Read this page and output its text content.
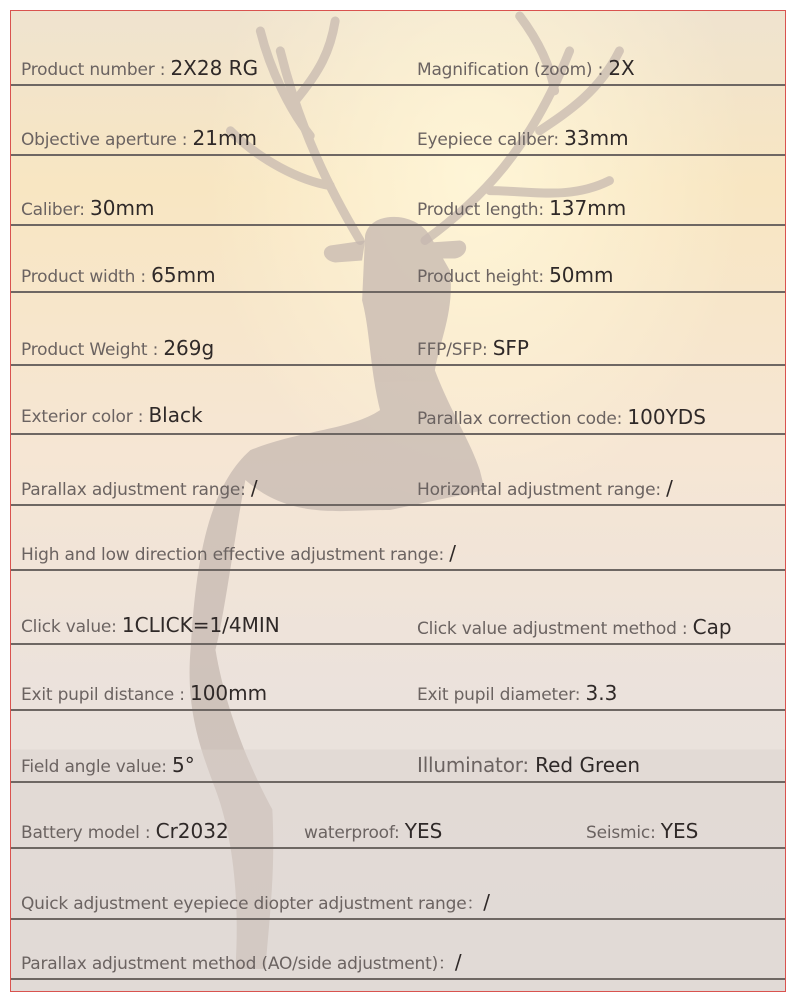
Product number : 2X28 RG	Magnification (zoom) : 2X
Objective aperture : 21mm	Eyepiece caliber: 33mm
Caliber: 30mm	Product length: 137mm
Product width : 65mm	Product height: 50mm
Product Weight : 269g	FFP/SFP: SFP
Exterior color : Black	Parallax correction code: 100YDS
Parallax adjustment range: /	Horizontal adjustment range: /
High and low direction effective adjustment range: /
Click value: 1CLICK=1/4MIN	Click value adjustment method : Cap
Exit pupil distance : 100mm	Exit pupil diameter: 3.3
Field angle value: 5°	Illuminator: Red Green
Battery model : Cr2032	waterproof: YES	Seismic: YES
Quick adjustment eyepiece diopter adjustment range：/
Parallax adjustment method (AO/side adjustment)：/
